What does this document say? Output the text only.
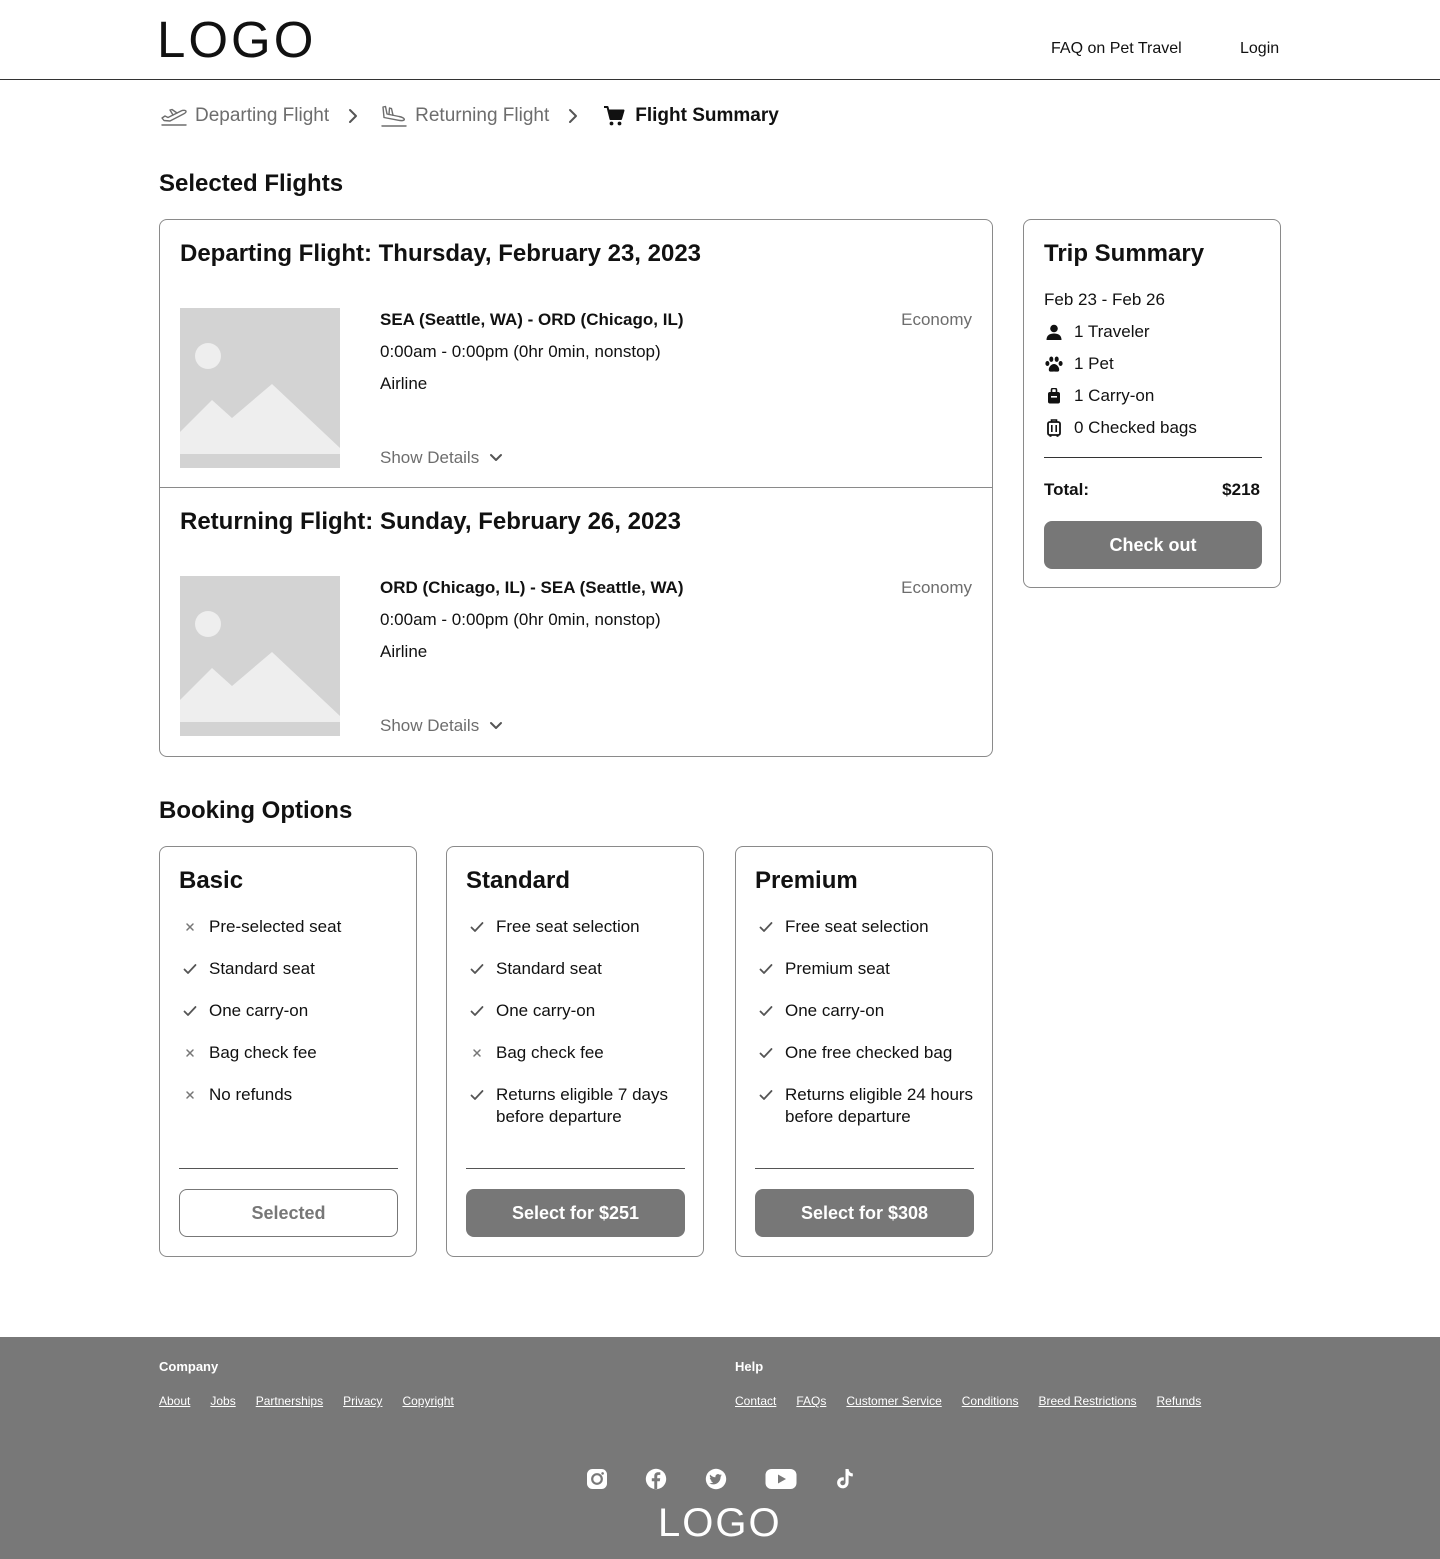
LOGO	FAQ on Pet Travel	Login
Departing Flight	Returning Flight	Flight Summary
Selected Flights
Departing Flight: Thursday, February 23, 2023
SEA (Seattle, WA) - ORD (Chicago, IL)
0:00am - 0:00pm (0hr 0min, nonstop)
Airline
Economy
Show Details
Returning Flight: Sunday, February 26, 2023
ORD (Chicago, IL) - SEA (Seattle, WA)
0:00am - 0:00pm (0hr 0min, nonstop)
Airline
Economy
Show Details
Trip Summary
Feb 23 - Feb 26
1 Traveler
1 Pet
1 Carry-on
0 Checked bags
Total:	$218
Check out
Booking Options
Basic
Pre-selected seat
Standard seat
One carry-on
Bag check fee
No refunds
Selected
Standard
Free seat selection
Standard seat
One carry-on
Bag check fee
Returns eligible 7 days before departure
Select for $251
Premium
Free seat selection
Premium seat
One carry-on
One free checked bag
Returns eligible 24 hours before departure
Select for $308
Company
About Jobs Partnerships Privacy Copyright
Help
Contact FAQs Customer Service Conditions Breed Restrictions Refunds
LOGO
